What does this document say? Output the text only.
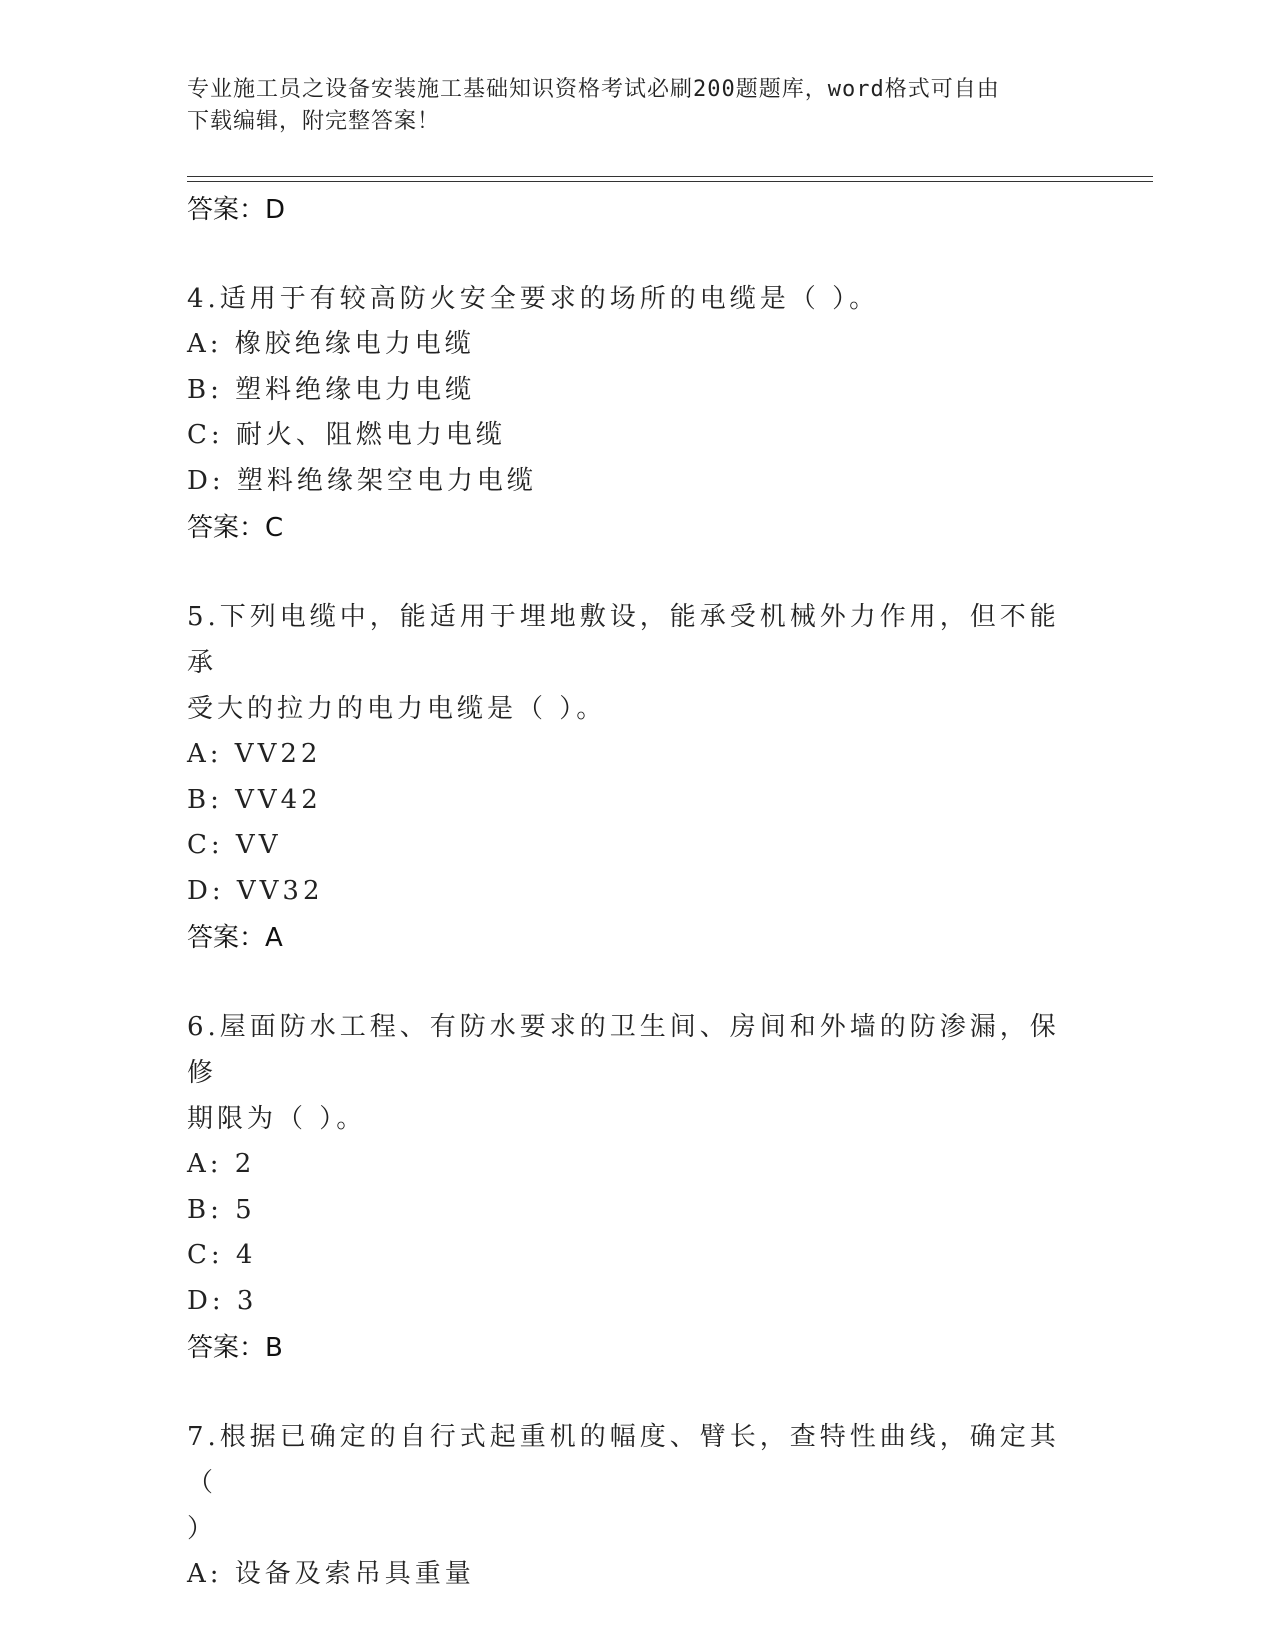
专业施工员之设备安装施工基础知识资格考试必刷200题题库，word格式可自由
下载编辑，附完整答案！
答案：D
4.适用于有较高防火安全要求的场所的电缆是（ ）。
A: 橡胶绝缘电力电缆
B: 塑料绝缘电力电缆
C: 耐火、阻燃电力电缆
D: 塑料绝缘架空电力电缆
答案：C
5.下列电缆中，能适用于埋地敷设，能承受机械外力作用，但不能承
受大的拉力的电力电缆是（ ）。
A: VV22
B: VV42
C: VV
D: VV32
答案：A
6.屋面防水工程、有防水要求的卫生间、房间和外墙的防渗漏，保修
期限为（ ）。
A: 2
B: 5
C: 4
D: 3
答案：B
7.根据已确定的自行式起重机的幅度、臂长，查特性曲线，确定其（
）
A: 设备及索吊具重量
